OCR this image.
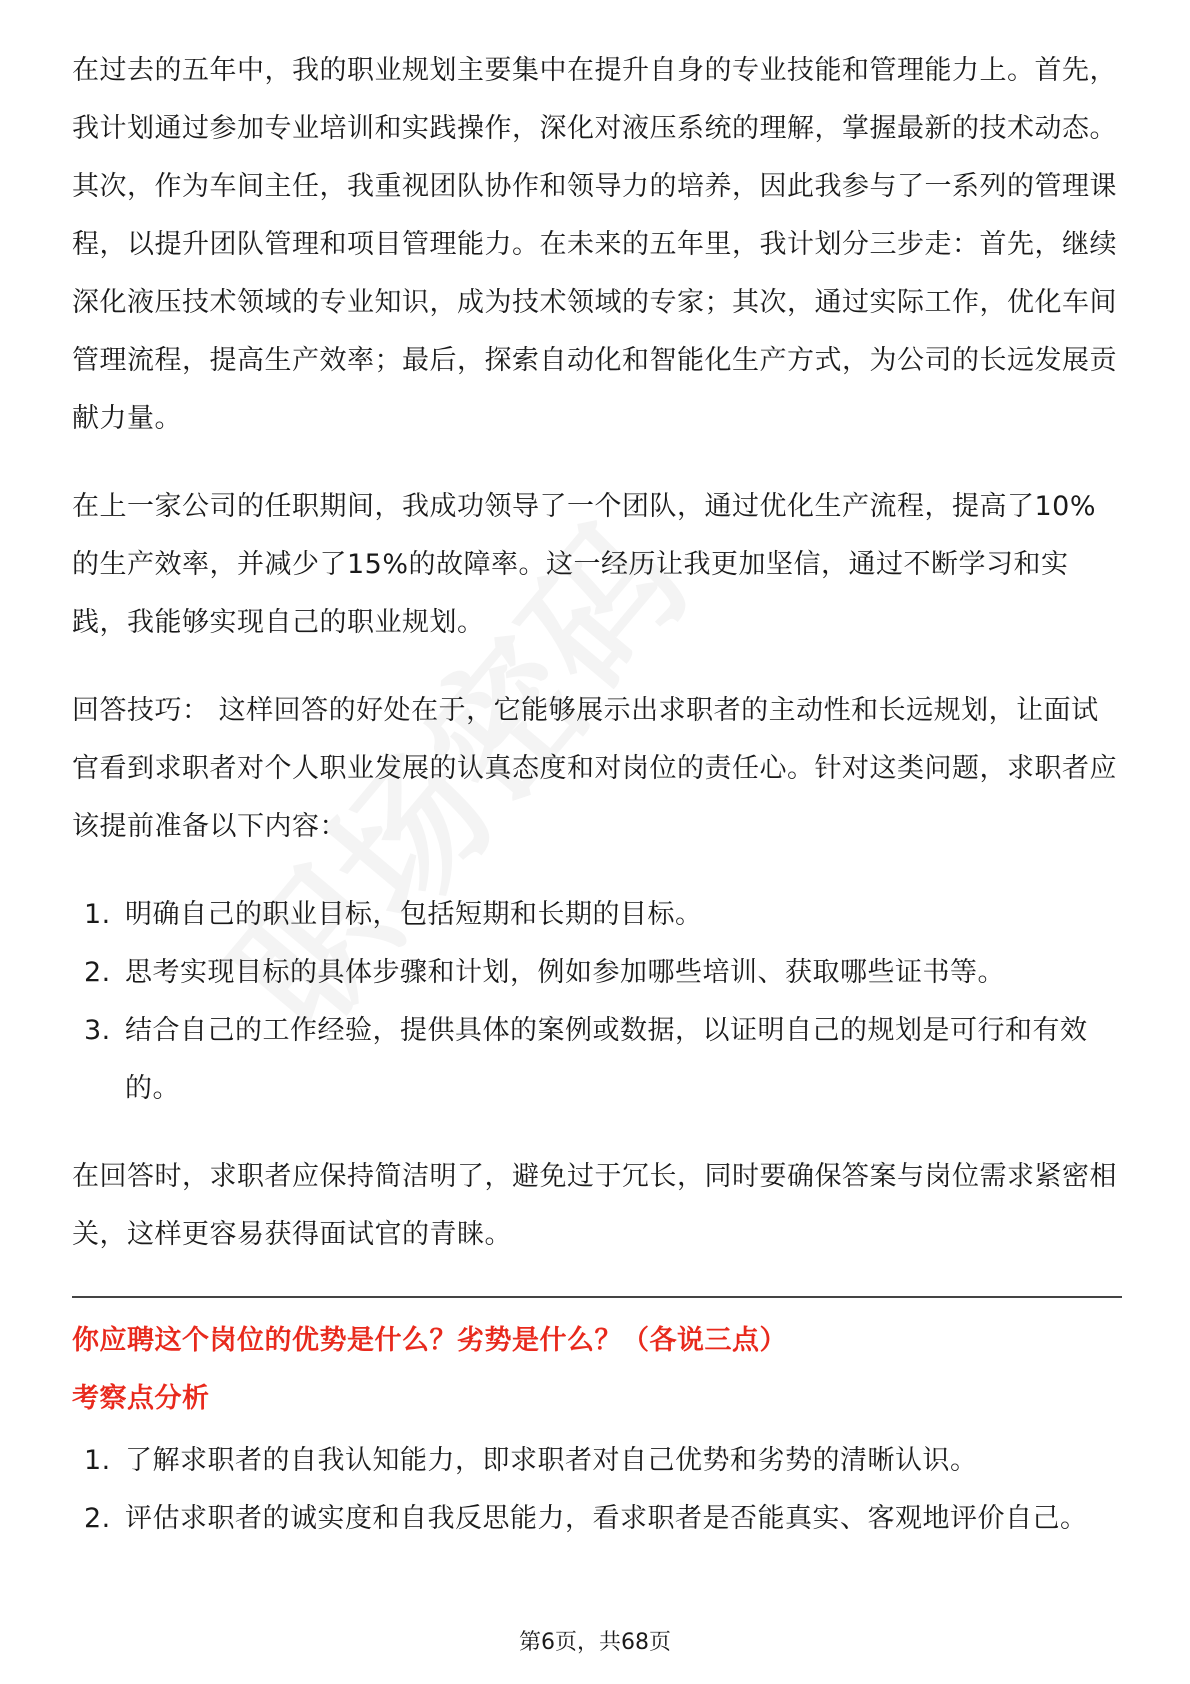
在过去的五年中，我的职业规划主要集中在提升自身的专业技能和管理能力上。首先，我计划通过参加专业培训和实践操作，深化对液压系统的理解，掌握最新的技术动态。其次，作为车间主任，我重视团队协作和领导力的培养，因此我参与了一系列的管理课程，以提升团队管理和项目管理能力。在未来的五年里，我计划分三步走：首先，继续深化液压技术领域的专业知识，成为技术领域的专家；其次，通过实际工作，优化车间管理流程，提高生产效率；最后，探索自动化和智能化生产方式，为公司的长远发展贡献力量。

在上一家公司的任职期间，我成功领导了一个团队，通过优化生产流程，提高了10%的生产效率，并减少了15%的故障率。这一经历让我更加坚信，通过不断学习和实践，我能够实现自己的职业规划。

回答技巧： 这样回答的好处在于，它能够展示出求职者的主动性和长远规划，让面试官看到求职者对个人职业发展的认真态度和对岗位的责任心。针对这类问题，求职者应该提前准备以下内容：

1. 明确自己的职业目标，包括短期和长期的目标。
2. 思考实现目标的具体步骤和计划，例如参加哪些培训、获取哪些证书等。
3. 结合自己的工作经验，提供具体的案例或数据，以证明自己的规划是可行和有效的。

在回答时，求职者应保持简洁明了，避免过于冗长，同时要确保答案与岗位需求紧密相关，这样更容易获得面试官的青睐。

你应聘这个岗位的优势是什么？劣势是什么？（各说三点）
考察点分析
1. 了解求职者的自我认知能力，即求职者对自己优势和劣势的清晰认识。
2. 评估求职者的诚实度和自我反思能力，看求职者是否能真实、客观地评价自己。
第6页，共68页
